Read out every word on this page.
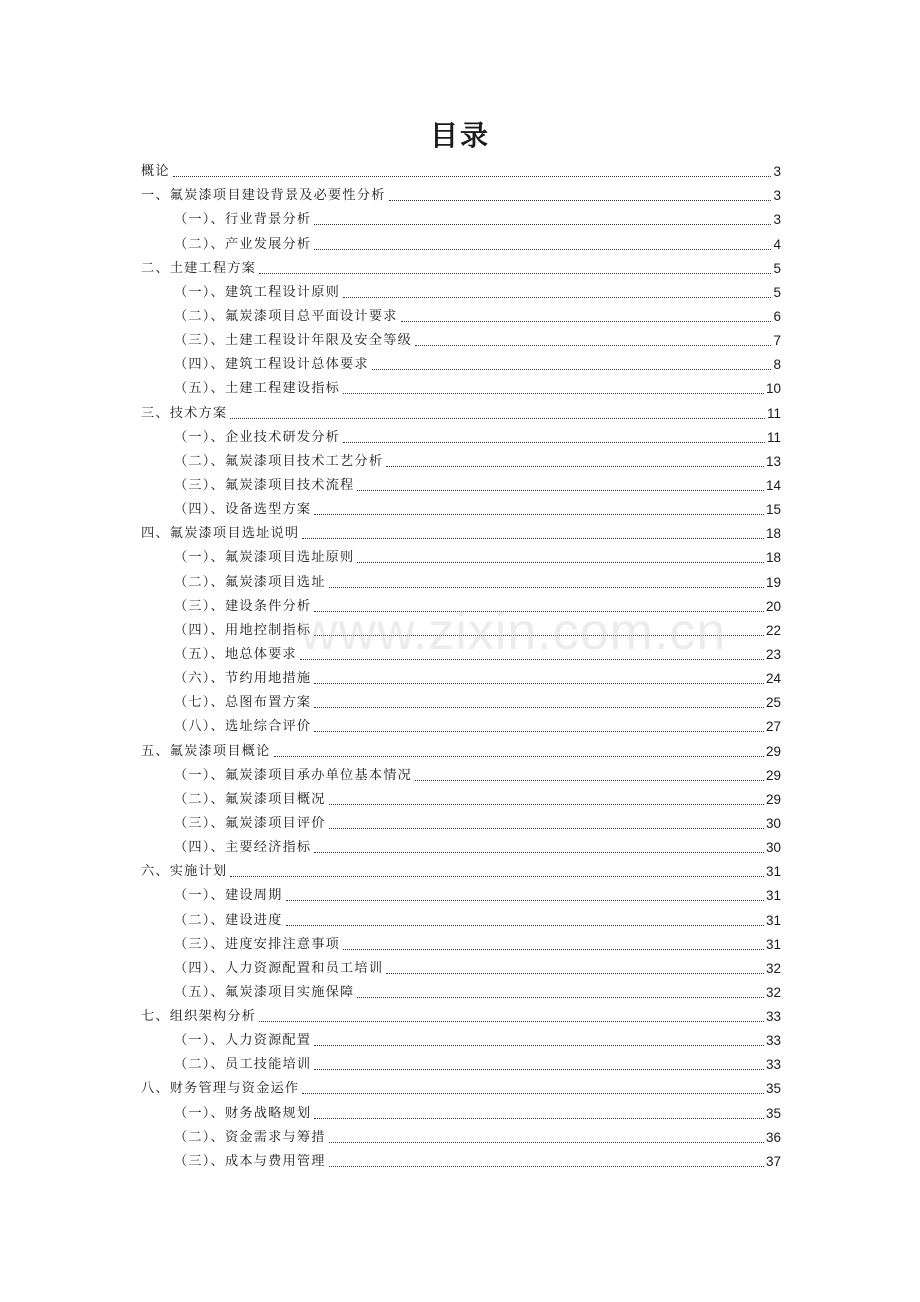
目录
概论	3
一、氟炭漆项目建设背景及必要性分析	3
（一）、行业背景分析	3
（二）、产业发展分析	4
二、土建工程方案	5
（一）、建筑工程设计原则	5
（二）、氟炭漆项目总平面设计要求	6
（三）、土建工程设计年限及安全等级	7
（四）、建筑工程设计总体要求	8
（五）、土建工程建设指标	10
三、技术方案	11
（一）、企业技术研发分析	11
（二）、氟炭漆项目技术工艺分析	13
（三）、氟炭漆项目技术流程	14
（四）、设备选型方案	15
四、氟炭漆项目选址说明	18
（一）、氟炭漆项目选址原则	18
（二）、氟炭漆项目选址	19
（三）、建设条件分析	20
（四）、用地控制指标	22
（五）、地总体要求	23
（六）、节约用地措施	24
（七）、总图布置方案	25
（八）、选址综合评价	27
五、氟炭漆项目概论	29
（一）、氟炭漆项目承办单位基本情况	29
（二）、氟炭漆项目概况	29
（三）、氟炭漆项目评价	30
（四）、主要经济指标	30
六、实施计划	31
（一）、建设周期	31
（二）、建设进度	31
（三）、进度安排注意事项	31
（四）、人力资源配置和员工培训	32
（五）、氟炭漆项目实施保障	32
七、组织架构分析	33
（一）、人力资源配置	33
（二）、员工技能培训	33
八、财务管理与资金运作	35
（一）、财务战略规划	35
（二）、资金需求与筹措	36
（三）、成本与费用管理	37
www.zixin.com.cn
